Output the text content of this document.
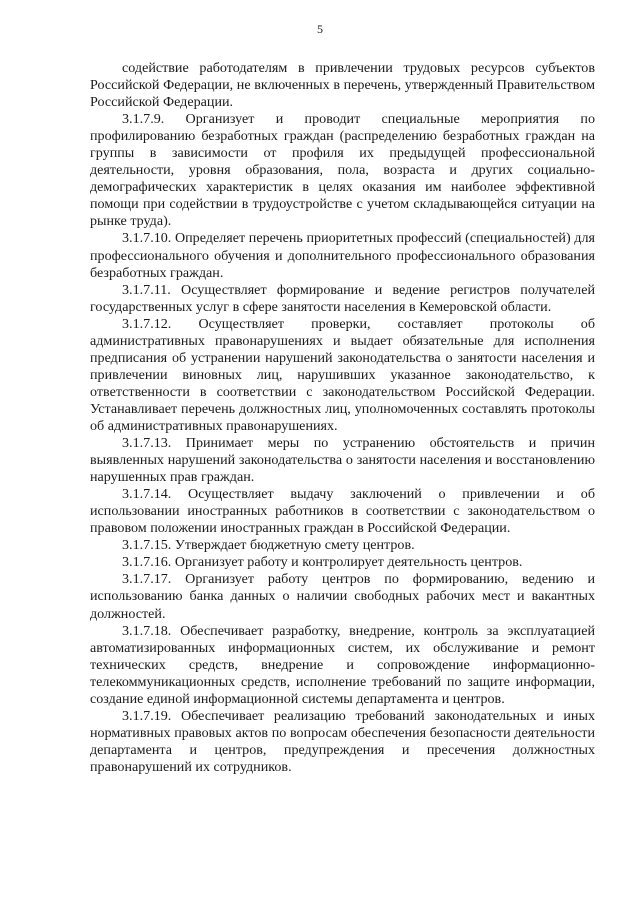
5

содействие работодателям в привлечении трудовых ресурсов субъектов Российской Федерации, не включенных в перечень, утвержденный Правительством Российской Федерации.

3.1.7.9. Организует и проводит специальные мероприятия по профилированию безработных граждан (распределению безработных граждан на группы в зависимости от профиля их предыдущей профессиональной деятельности, уровня образования, пола, возраста и других социально-демографических характеристик в целях оказания им наиболее эффективной помощи при содействии в трудоустройстве с учетом складывающейся ситуации на рынке труда).

3.1.7.10. Определяет перечень приоритетных профессий (специальностей) для профессионального обучения и дополнительного профессионального образования безработных граждан.

3.1.7.11. Осуществляет формирование и ведение регистров получателей государственных услуг в сфере занятости населения в Кемеровской области.

3.1.7.12. Осуществляет проверки, составляет протоколы об административных правонарушениях и выдает обязательные для исполнения предписания об устранении нарушений законодательства о занятости населения и привлечении виновных лиц, нарушивших указанное законодательство, к ответственности в соответствии с законодательством Российской Федерации. Устанавливает перечень должностных лиц, уполномоченных составлять протоколы об административных правонарушениях.

3.1.7.13. Принимает меры по устранению обстоятельств и причин выявленных нарушений законодательства о занятости населения и восстановлению нарушенных прав граждан.

3.1.7.14. Осуществляет выдачу заключений о привлечении и об использовании иностранных работников в соответствии с законодательством о правовом положении иностранных граждан в Российской Федерации.

3.1.7.15. Утверждает бюджетную смету центров.

3.1.7.16. Организует работу и контролирует деятельность центров.

3.1.7.17. Организует работу центров по формированию, ведению и использованию банка данных о наличии свободных рабочих мест и вакантных должностей.

3.1.7.18. Обеспечивает разработку, внедрение, контроль за эксплуатацией автоматизированных информационных систем, их обслуживание и ремонт технических средств, внедрение и сопровождение информационно-телекоммуникационных средств, исполнение требований по защите информации, создание единой информационной системы департамента и центров.

3.1.7.19. Обеспечивает реализацию требований законодательных и иных нормативных правовых актов по вопросам обеспечения безопасности деятельности департамента и центров, предупреждения и пресечения должностных правонарушений их сотрудников.
